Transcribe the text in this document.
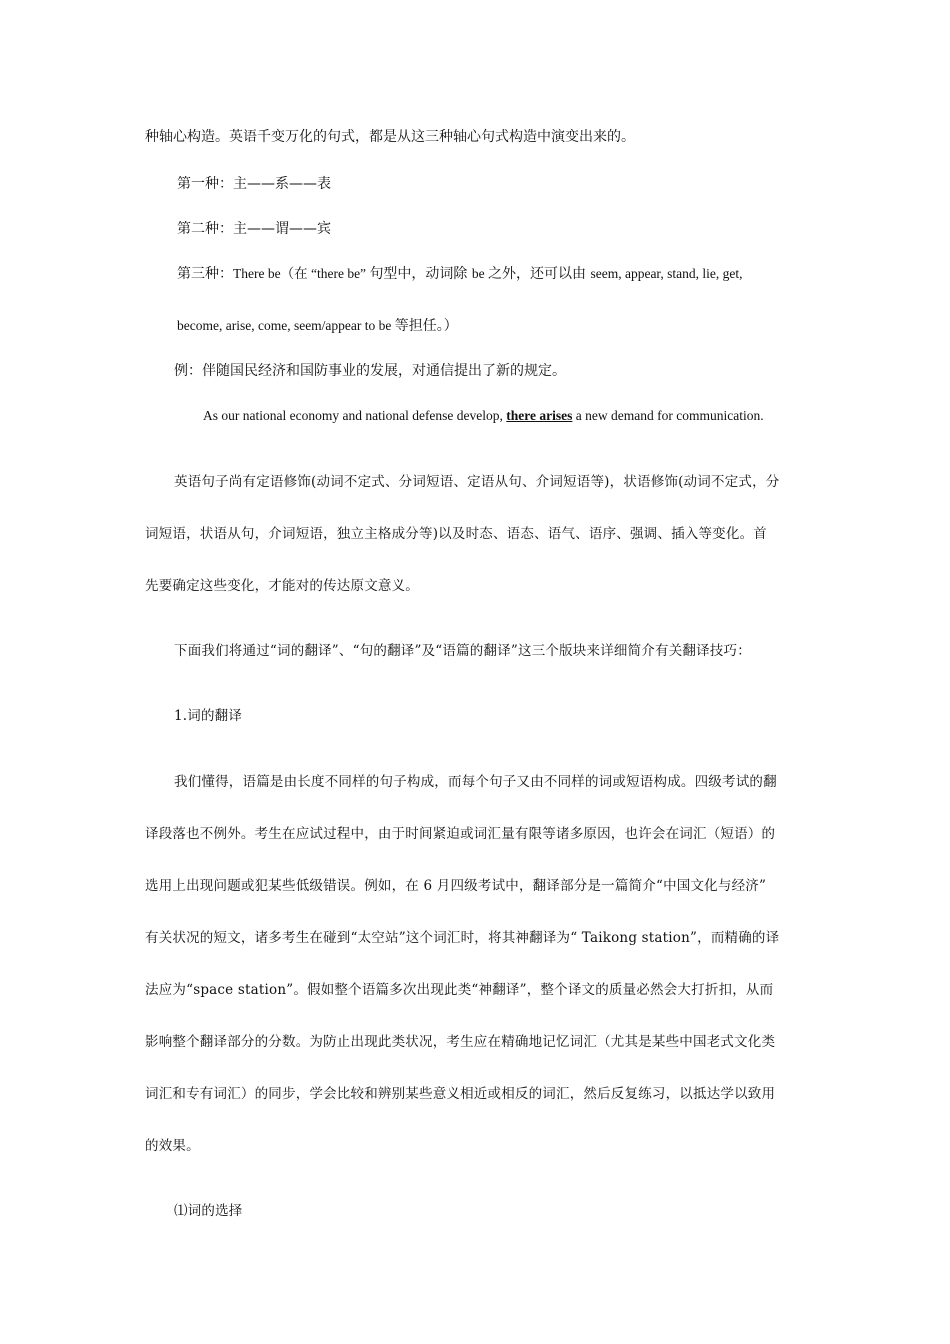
种轴心构造。英语千变万化的句式，都是从这三种轴心句式构造中演变出来的。
第一种：主——系——表
第二种：主——谓——宾
第三种：There be（在 “there be” 句型中，动词除 be 之外，还可以由 seem, appear, stand, lie, get,
become, arise, come, seem/appear to be 等担任。）
例：伴随国民经济和国防事业的发展，对通信提出了新的规定。
As our national economy and national defense develop, there arises a new demand for communication.
英语句子尚有定语修饰(动词不定式、分词短语、定语从句、介词短语等)，状语修饰(动词不定式，分
词短语，状语从句，介词短语，独立主格成分等)以及时态、语态、语气、语序、强调、插入等变化。首
先要确定这些变化，才能对的传达原文意义。
下面我们将通过“词的翻译”、“句的翻译”及“语篇的翻译”这三个版块来详细简介有关翻译技巧：
1.词的翻译
我们懂得，语篇是由长度不同样的句子构成，而每个句子又由不同样的词或短语构成。四级考试的翻
译段落也不例外。考生在应试过程中，由于时间紧迫或词汇量有限等诸多原因，也许会在词汇（短语）的
选用上出现问题或犯某些低级错误。例如，在 6 月四级考试中，翻译部分是一篇简介“中国文化与经济”
有关状况的短文，诸多考生在碰到“太空站”这个词汇时，将其神翻译为“ Taikong station”，而精确的译
法应为“space station”。假如整个语篇多次出现此类“神翻译”，整个译文的质量必然会大打折扣，从而
影响整个翻译部分的分数。为防止出现此类状况，考生应在精确地记忆词汇（尤其是某些中国老式文化类
词汇和专有词汇）的同步，学会比较和辨别某些意义相近或相反的词汇，然后反复练习，以抵达学以致用
的效果。
⑴词的选择
